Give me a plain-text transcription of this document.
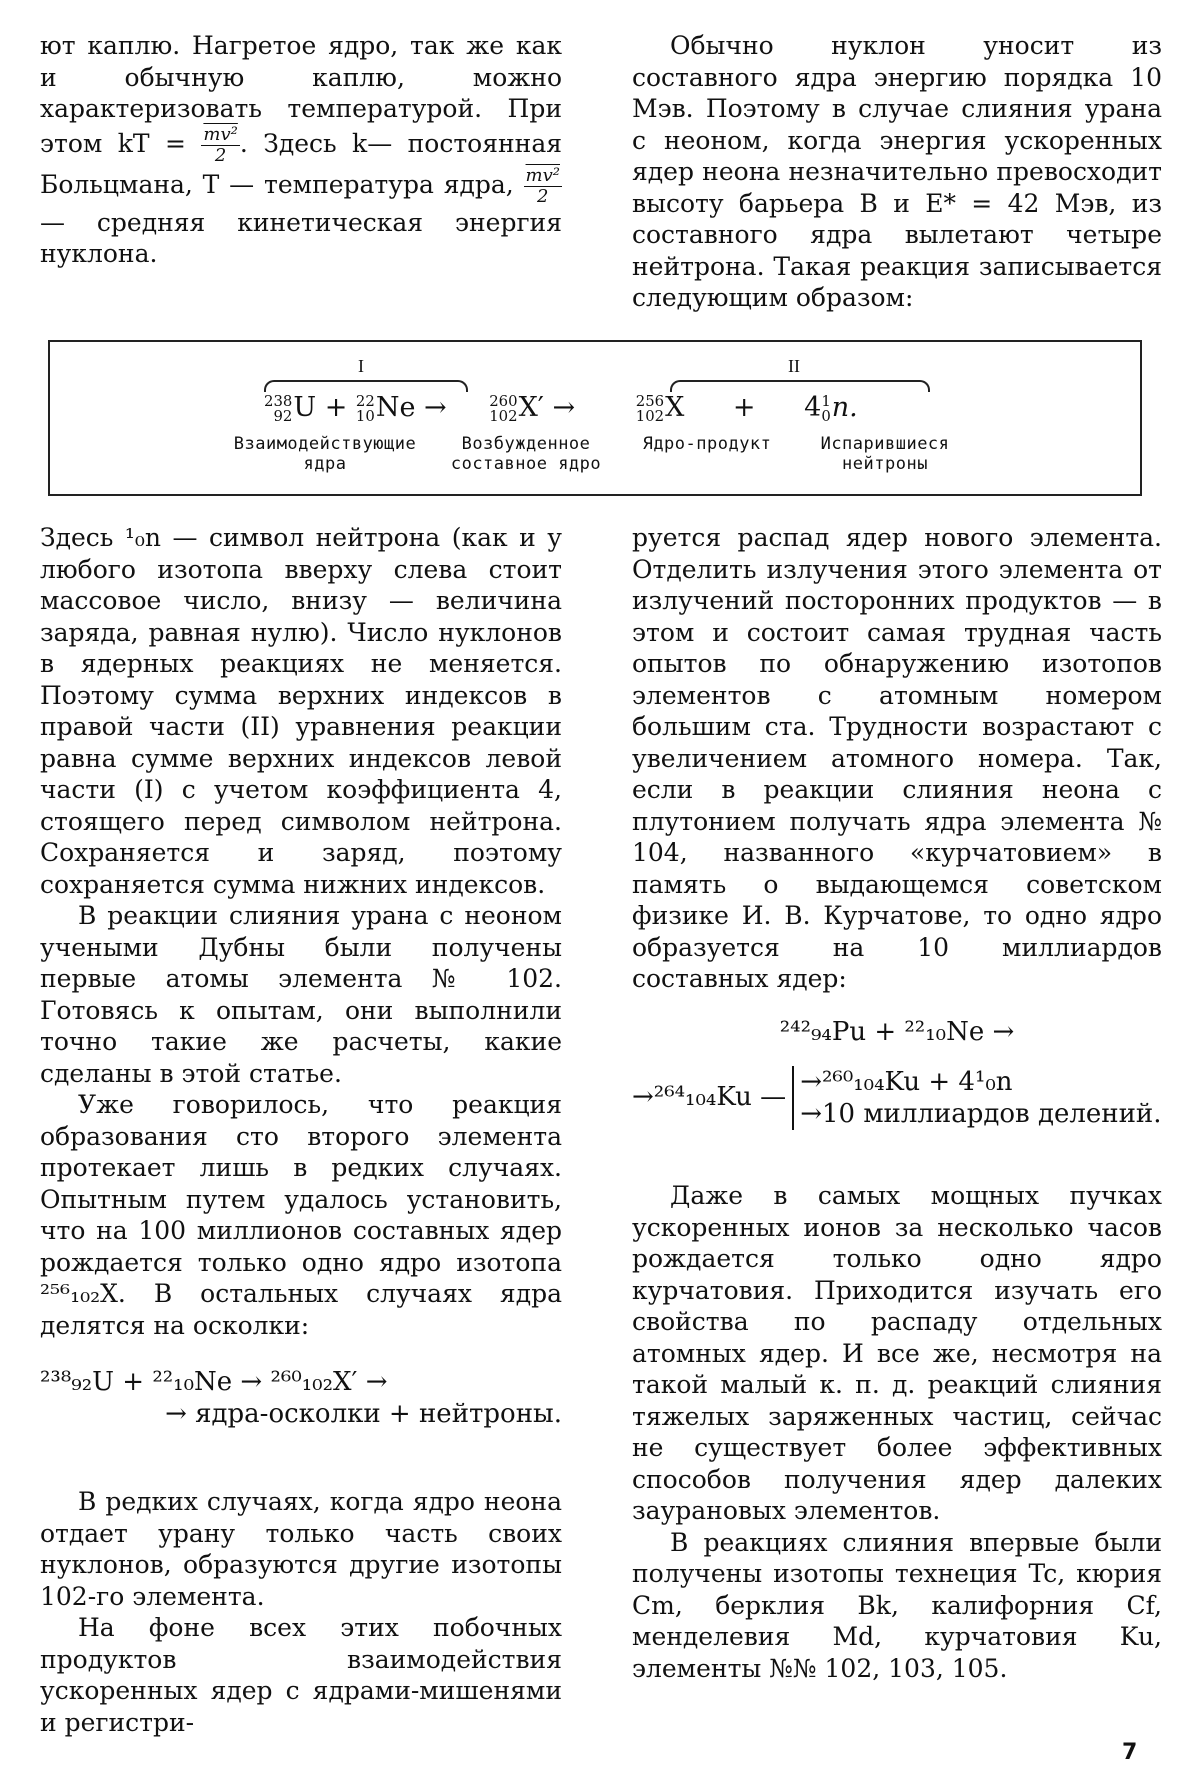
ют каплю. Нагретое ядро, так же как и обычную каплю, можно характеризовать температурой. При этом kT = $\frac{\text{mv²}}{2}$ . Здесь k— постоянная Больцмана, T — температура ядра, $\frac{\text{mv²}}{2}$
— средняя кинетическая энергия нуклона.

Обычно нуклон уносит из составного ядра энергию порядка 10 Мэв. Поэтому в случае слияния урана с неоном, когда энергия ускоренных ядер неона незначительно превосходит высоту барьера B и E* = 42 Мэв, из составного ядра вылетают четыре нейтрона. Такая реакция записывается следующим образом:

I	II
238
92 U + 22
10 Ne →	260
102 X′ →	256
102 X + 4 1
0 n.
Взаимодействующие ядра
Возбужденное составное ядро
Ядро-продукт	Испарившиеся нейтроны

Здесь ¹₀n — символ нейтрона (как и у любого изотопа вверху слева стоит массовое число, внизу — величина заряда, равная нулю). Число нуклонов в ядерных реакциях не меняется. Поэтому сумма верхних индексов в правой части (II) уравнения реакции равна сумме верхних индексов левой части (I) с учетом коэффициента 4, стоящего перед символом нейтрона. Сохраняется и заряд, поэтому сохраняется сумма нижних индексов.

В реакции слияния урана с неоном учеными Дубны были получены первые атомы элемента № 102. Готовясь к опытам, они выполнили точно такие же расчеты, какие сделаны в этой статье.

Уже говорилось, что реакция образования сто второго элемента протекает лишь в редких случаях. Опытным путем удалось установить, что на 100 миллионов составных ядер рождается только одно ядро изотопа ²⁵⁶₁₀₂X. В остальных случаях ядра делятся на осколки:

²³⁸₉₂U + ²²₁₀Ne → ²⁶⁰₁₀₂X′ →

→ ядра-осколки + нейтроны.

В редких случаях, когда ядро неона отдает урану только часть своих нуклонов, образуются другие изотопы 102-го элемента.

На фоне всех этих побочных продуктов взаимодействия ускоренных ядер с ядрами-мишенями и регистри-

руется распад ядер нового элемента. Отделить излучения этого элемента от излучений посторонних продуктов — в этом и состоит самая трудная часть опытов по обнаружению изотопов элементов с атомным номером большим ста. Трудности возрастают с увеличением атомного номера. Так, если в реакции слияния неона с плутонием получать ядра элемента № 104, названного «курчатовием» в память о выдающемся советском физике И. В. Курчатове, то одно ядро образуется на 10 миллиардов составных ядер:

²⁴²₉₄Pu + ²²₁₀Ne →

→²⁶⁴₁₀₄Ku —
→²⁶⁰₁₀₄Ku + 4¹₀n
→10 миллиардов делений.

Даже в самых мощных пучках ускоренных ионов за несколько часов рождается только одно ядро курчатовия. Приходится изучать его свойства по распаду отдельных атомных ядер. И все же, несмотря на такой малый к. п. д. реакций слияния тяжелых заряженных частиц, сейчас не существует более эффективных способов получения ядер далеких заурановых элементов.

В реакциях слияния впервые были получены изотопы технеция Tc, кюрия Cm, берклия Bk, калифорния Cf, менделевия Md, курчатовия Ku, элементы №№ 102, 103, 105.

7
